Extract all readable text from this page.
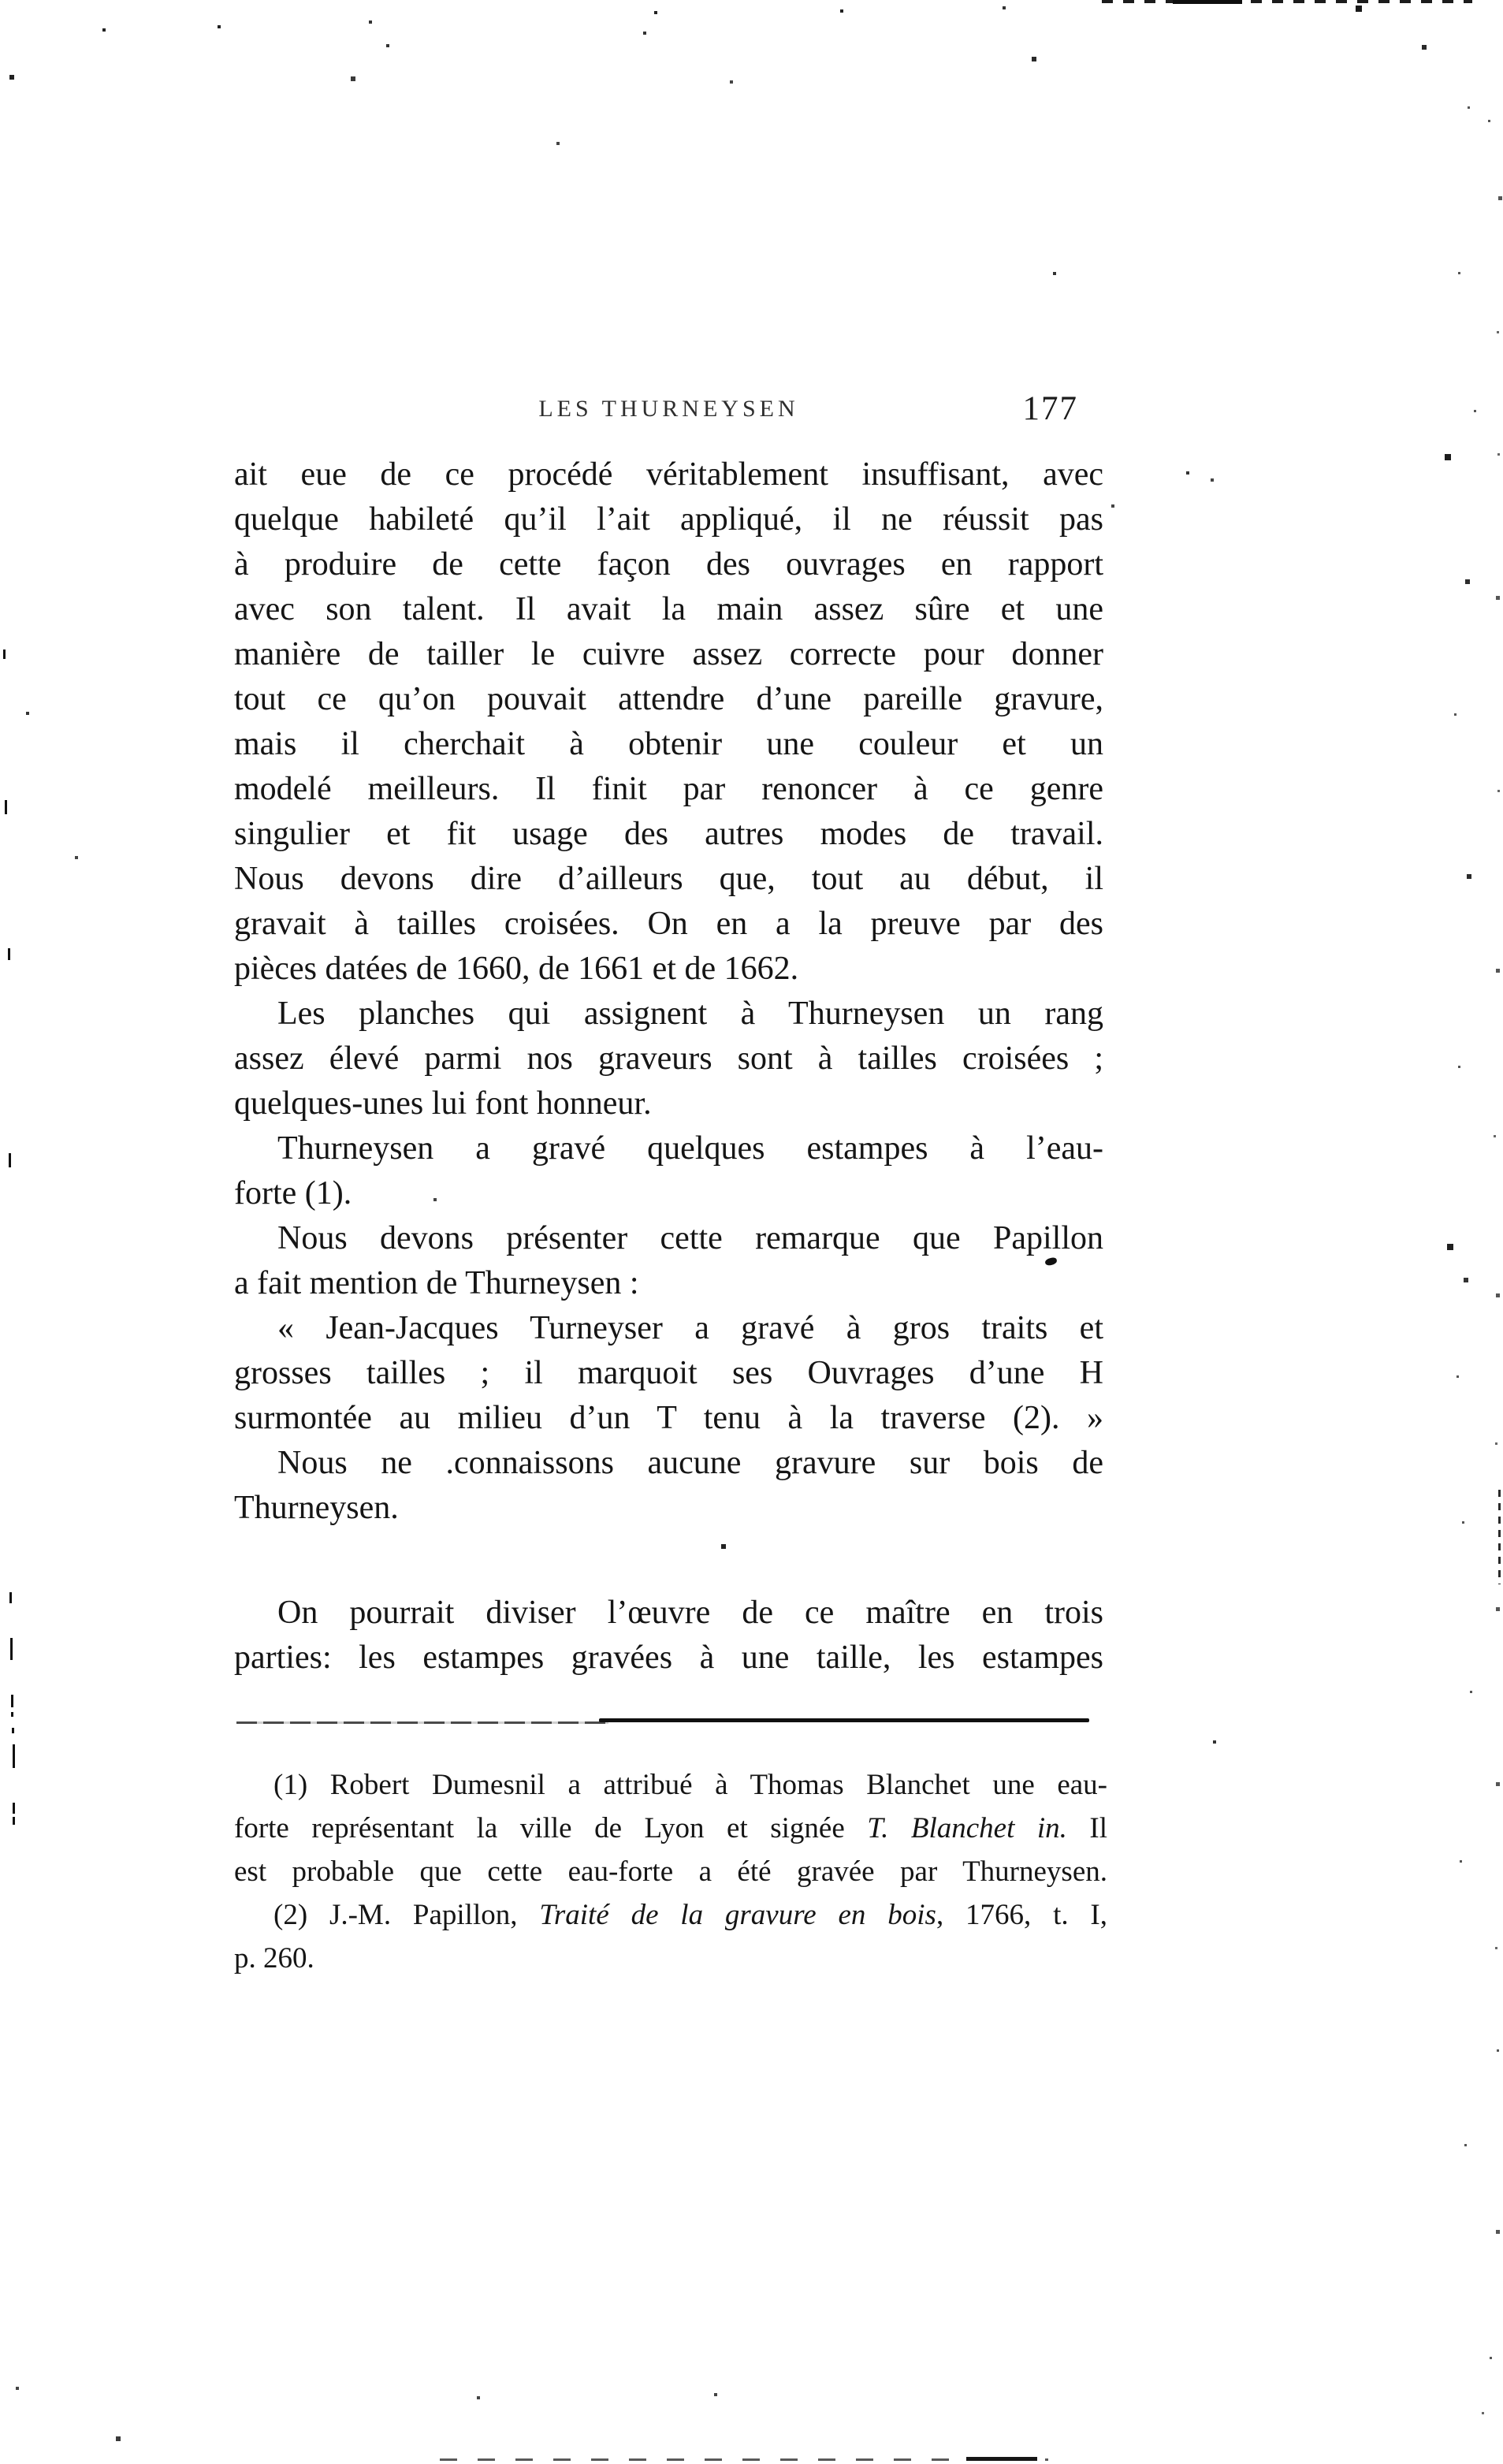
LES THURNEYSEN	177
ait eue de ce procédé véritablement insuffisant, avec
quelque habileté qu’il l’ait appliqué, il ne réussit pas
à produire de cette façon des ouvrages en rapport
avec son talent. Il avait la main assez sûre et une
manière de tailler le cuivre assez correcte pour donner
tout ce qu’on pouvait attendre d’une pareille gravure,
mais il cherchait à obtenir une couleur et un
modelé meilleurs. Il finit par renoncer à ce genre
singulier et fit usage des autres modes de travail.
Nous devons dire d’ailleurs que, tout au début, il
gravait à tailles croisées. On en a la preuve par des
pièces datées de 1660, de 1661 et de 1662.
Les planches qui assignent à Thurneysen un rang
assez élevé parmi nos graveurs sont à tailles croisées ;
quelques-unes lui font honneur.
Thurneysen a gravé quelques estampes à l’eau-
forte (1).
Nous devons présenter cette remarque que Papillon
a fait mention de Thurneysen :
« Jean-Jacques Turneyser a gravé à gros traits et
grosses tailles ; il marquoit ses Ouvrages d’une H
surmontée au milieu d’un T tenu à la traverse (2). »
Nous ne .connaissons aucune gravure sur bois de
Thurneysen.
On pourrait diviser l’œuvre de ce maître en trois
parties: les estampes gravées à une taille, les estampes
(1) Robert Dumesnil a attribué à Thomas Blanchet une eau-
forte représentant la ville de Lyon et signée T. Blanchet in. Il
est probable que cette eau-forte a été gravée par Thurneysen.
(2) J.-M. Papillon, Traité de la gravure en bois, 1766, t. I,
p. 260.
